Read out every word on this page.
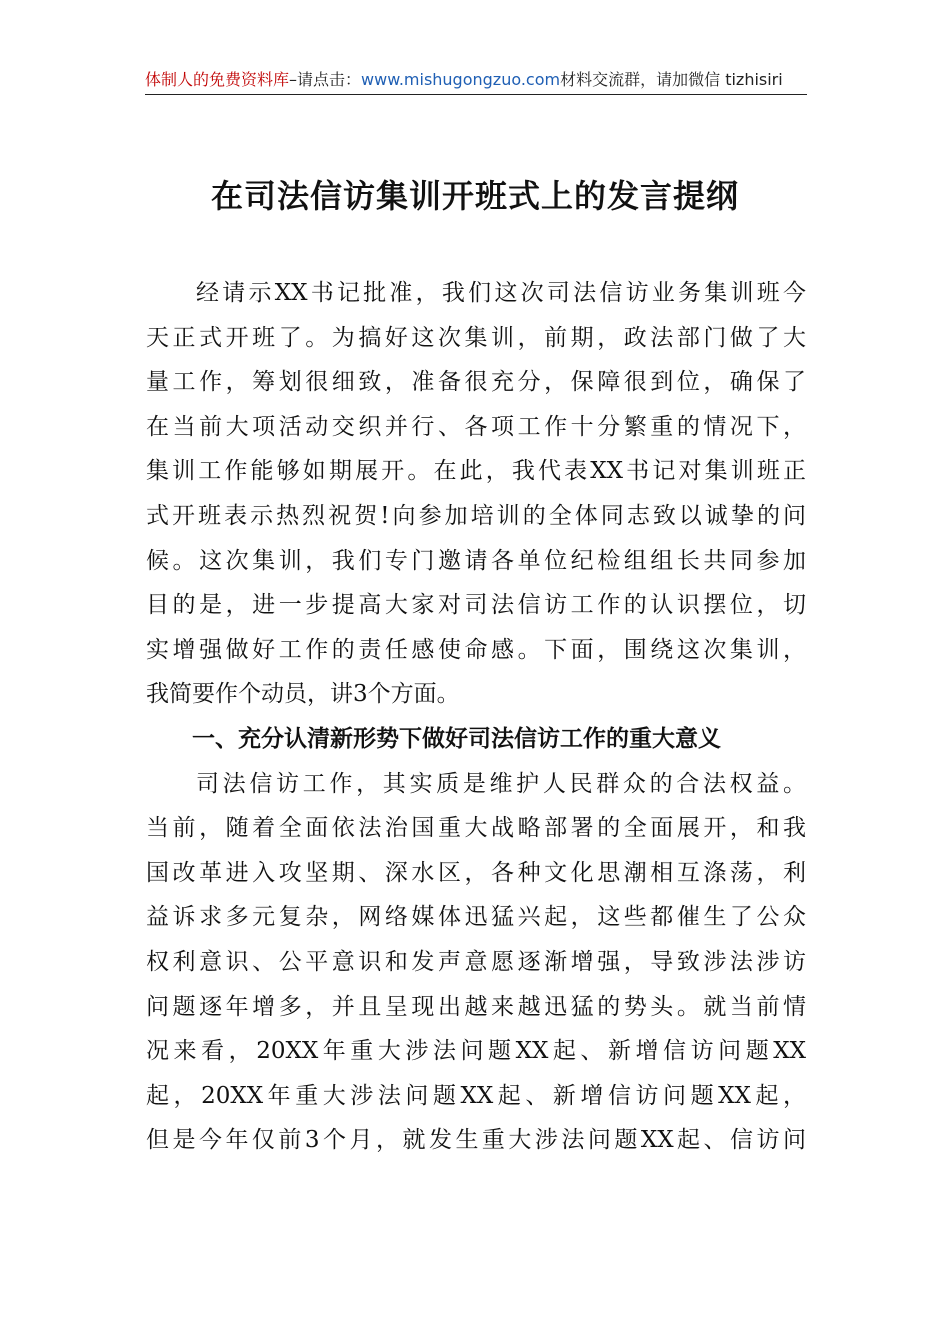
体制人的免费资料库–请点击：www.mishugongzuo.com材料交流群，请加微信 tizhisiri
在司法信访集训开班式上的发言提纲
经请示XX书记批准，我们这次司法信访业务集训班今
天正式开班了。为搞好这次集训，前期，政法部门做了大
量工作，筹划很细致，准备很充分，保障很到位，确保了
在当前大项活动交织并行、各项工作十分繁重的情况下，
集训工作能够如期展开。在此，我代表XX书记对集训班正
式开班表示热烈祝贺!向参加培训的全体同志致以诚挚的问
候。这次集训，我们专门邀请各单位纪检组组长共同参加
目的是，进一步提高大家对司法信访工作的认识摆位，切
实增强做好工作的责任感使命感。下面，围绕这次集训，
我简要作个动员，讲3个方面。
一、充分认清新形势下做好司法信访工作的重大意义
司法信访工作，其实质是维护人民群众的合法权益。
当前，随着全面依法治国重大战略部署的全面展开，和我
国改革进入攻坚期、深水区，各种文化思潮相互涤荡，利
益诉求多元复杂，网络媒体迅猛兴起，这些都催生了公众
权利意识、公平意识和发声意愿逐渐增强，导致涉法涉访
问题逐年增多，并且呈现出越来越迅猛的势头。就当前情
况来看，20XX年重大涉法问题XX起、新增信访问题XX
起，20XX年重大涉法问题XX起、新增信访问题XX起，
但是今年仅前3个月，就发生重大涉法问题XX起、信访问
